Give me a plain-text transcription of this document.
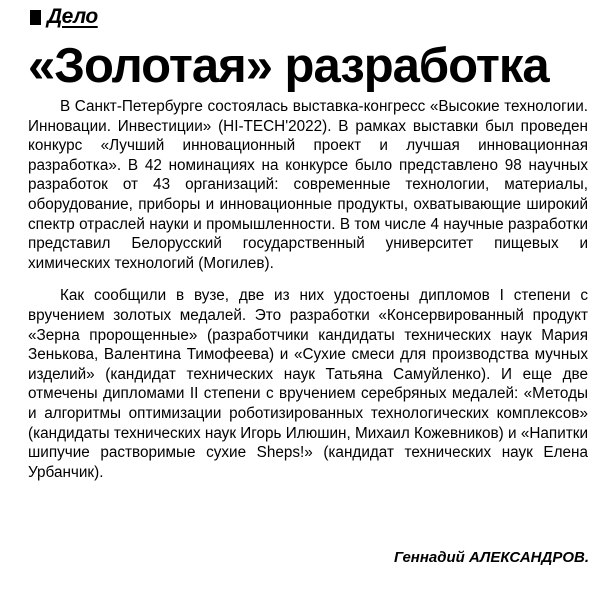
Дело
«Золотая» разработка

В Санкт-Петербурге состоялась выставка-конгресс «Высокие технологии. Инновации. Инвестиции» (HI-TECH'2022). В рамках выставки был проведен конкурс «Лучший инновационный проект и лучшая инновационная разработка». В 42 номинациях на конкурсе было представлено 98 научных разработок от 43 организаций: современные технологии, материалы, оборудование, приборы и инновационные продукты, охватывающие широкий спектр отраслей науки и промышленности. В том числе 4 научные разработки представил Белорусский государственный университет пищевых и химических технологий (Могилев).

Как сообщили в вузе, две из них удостоены дипломов I степени с вручением золотых медалей. Это разработки «Консервированный продукт «Зерна пророщенные» (разработчики кандидаты технических наук Мария Зенькова, Валентина Тимофеева) и «Сухие смеси для производства мучных изделий» (кандидат технических наук Татьяна Самуйленко). И еще две отмечены дипломами II степени с вручением серебряных медалей: «Методы и алгоритмы оптимизации роботизированных технологических комплексов» (кандидаты технических наук Игорь Илюшин, Михаил Кожевников) и «Напитки шипучие растворимые сухие Sheps!» (кандидат технических наук Елена Урбанчик).

Геннадий АЛЕКСАНДРОВ.
